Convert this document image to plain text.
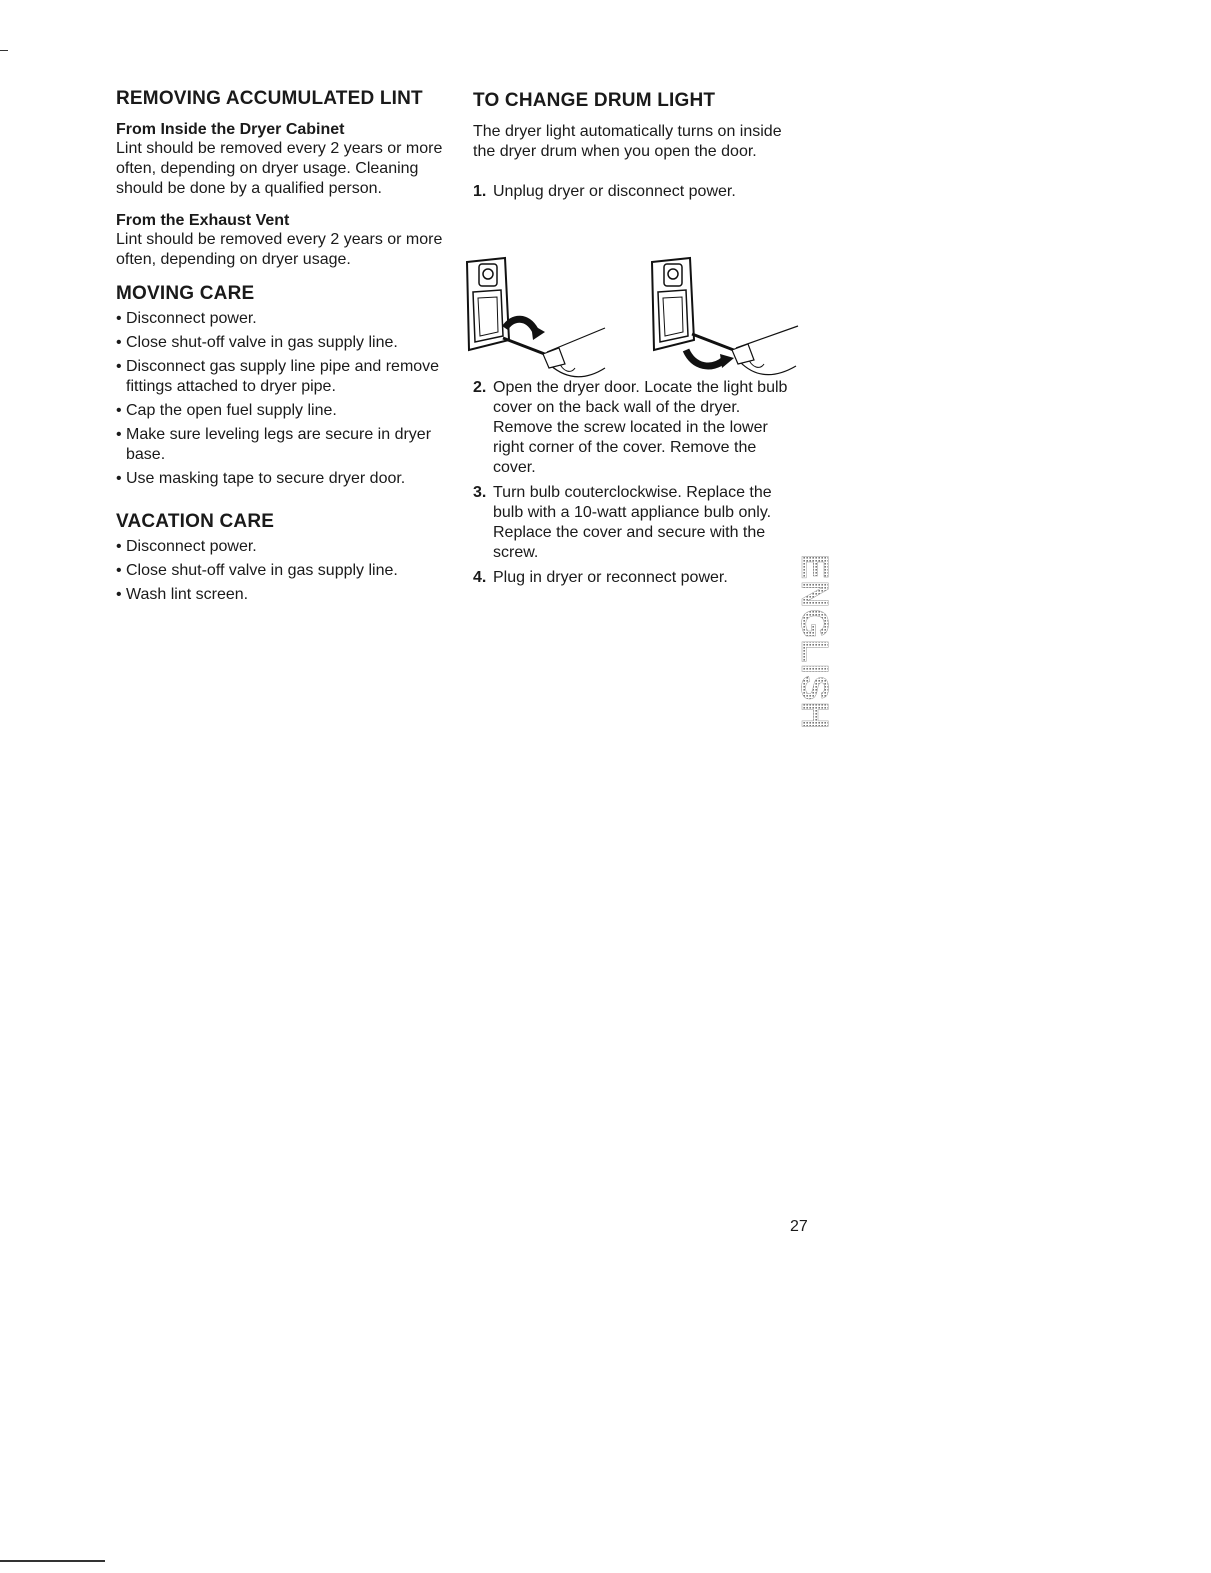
REMOVING ACCUMULATED LINT
From Inside the Dryer Cabinet

Lint should be removed every 2 years or more often, depending on dryer usage. Cleaning should be done by a qualified person.

From the Exhaust Vent

Lint should be removed every 2 years or more often, depending on dryer usage.

MOVING CARE
• Disconnect power.
• Close shut-off valve in gas supply line.
• Disconnect gas supply line pipe and remove fittings attached to dryer pipe.
• Cap the open fuel supply line.
• Make sure leveling legs are secure in dryer base.
• Use masking tape to secure dryer door.
VACATION CARE
• Disconnect power.
• Close shut-off valve in gas supply line.
• Wash lint screen.
TO CHANGE DRUM LIGHT

The dryer light automatically turns on inside the dryer drum when you open the door.

1. Unplug dryer or disconnect power.
2. Open the dryer door. Locate the light bulb cover on the back wall of the dryer. Remove the screw located in the lower right corner of the cover. Remove the cover.
3. Turn bulb couterclockwise. Replace the bulb with a 10-watt appliance bulb only. Replace the cover and secure with the screw.
4. Plug in dryer or reconnect power.	ENGLISH
27
